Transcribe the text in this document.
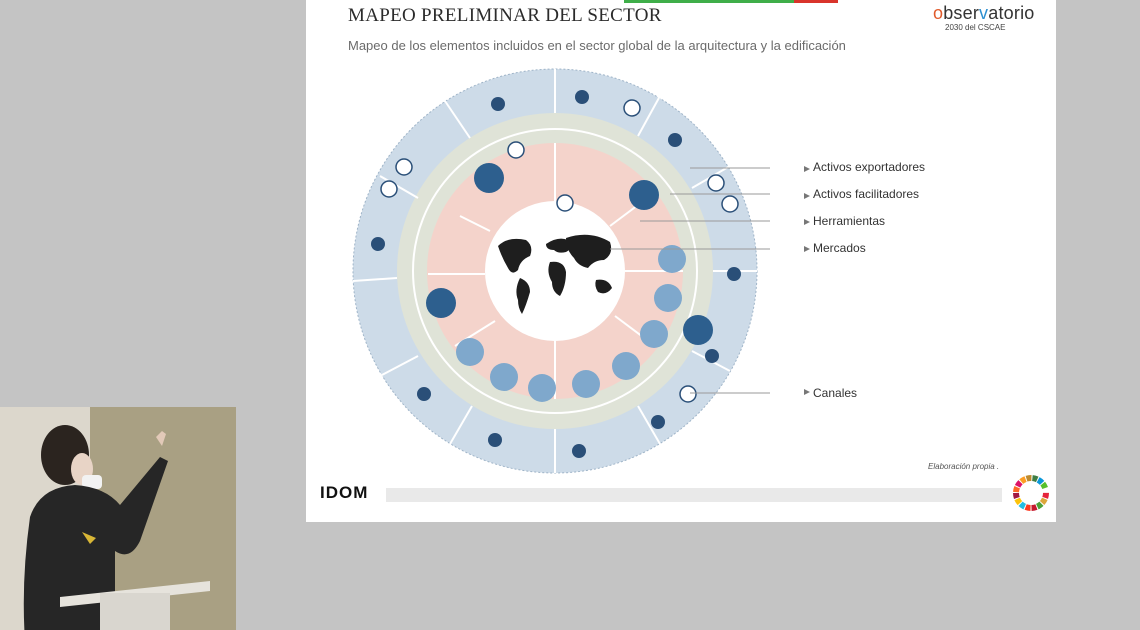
MAPEO PRELIMINAR DEL SECTOR
Mapeo de los elementos incluidos en el sector global de la arquitectura y la edificación
observatorio
2030 del CSCAE
Activos exportadores
Activos facilitadores
Herramientas
Mercados
Canales
Elaboración propia .
IDOM
